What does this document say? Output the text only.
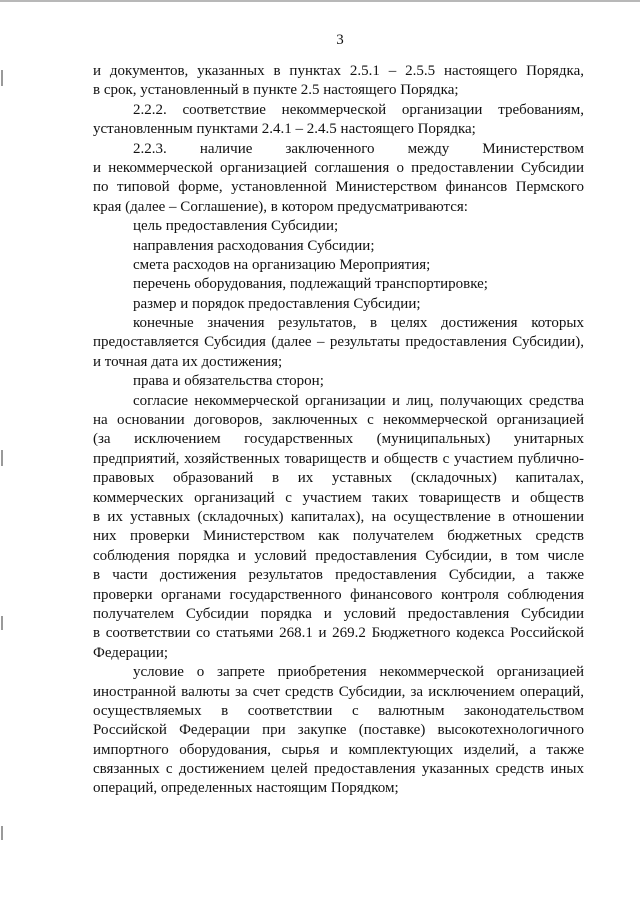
3
и документов, указанных в пунктах 2.5.1 – 2.5.5 настоящего Порядка,
в срок, установленный в пункте 2.5 настоящего Порядка;
2.2.2. соответствие некоммерческой организации требованиям,
установленным пунктами 2.4.1 – 2.4.5 настоящего Порядка;
2.2.3. наличие заключенного между Министерством
и некоммерческой организацией соглашения о предоставлении Субсидии
по типовой форме, установленной Министерством финансов Пермского
края (далее – Соглашение), в котором предусматриваются:
цель предоставления Субсидии;
направления расходования Субсидии;
смета расходов на организацию Мероприятия;
перечень оборудования, подлежащий транспортировке;
размер и порядок предоставления Субсидии;
конечные значения результатов, в целях достижения которых
предоставляется Субсидия (далее – результаты предоставления Субсидии),
и точная дата их достижения;
права и обязательства сторон;
согласие некоммерческой организации и лиц, получающих средства
на основании договоров, заключенных с некоммерческой организацией
(за исключением государственных (муниципальных) унитарных
предприятий, хозяйственных товариществ и обществ с участием публично-
правовых образований в их уставных (складочных) капиталах,
коммерческих организаций с участием таких товариществ и обществ
в их уставных (складочных) капиталах), на осуществление в отношении
них проверки Министерством как получателем бюджетных средств
соблюдения порядка и условий предоставления Субсидии, в том числе
в части достижения результатов предоставления Субсидии, а также
проверки органами государственного финансового контроля соблюдения
получателем Субсидии порядка и условий предоставления Субсидии
в соответствии со статьями 268.1 и 269.2 Бюджетного кодекса Российской
Федерации;
условие о запрете приобретения некоммерческой организацией
иностранной валюты за счет средств Субсидии, за исключением операций,
осуществляемых в соответствии с валютным законодательством
Российской Федерации при закупке (поставке) высокотехнологичного
импортного оборудования, сырья и комплектующих изделий, а также
связанных с достижением целей предоставления указанных средств иных
операций, определенных настоящим Порядком;
